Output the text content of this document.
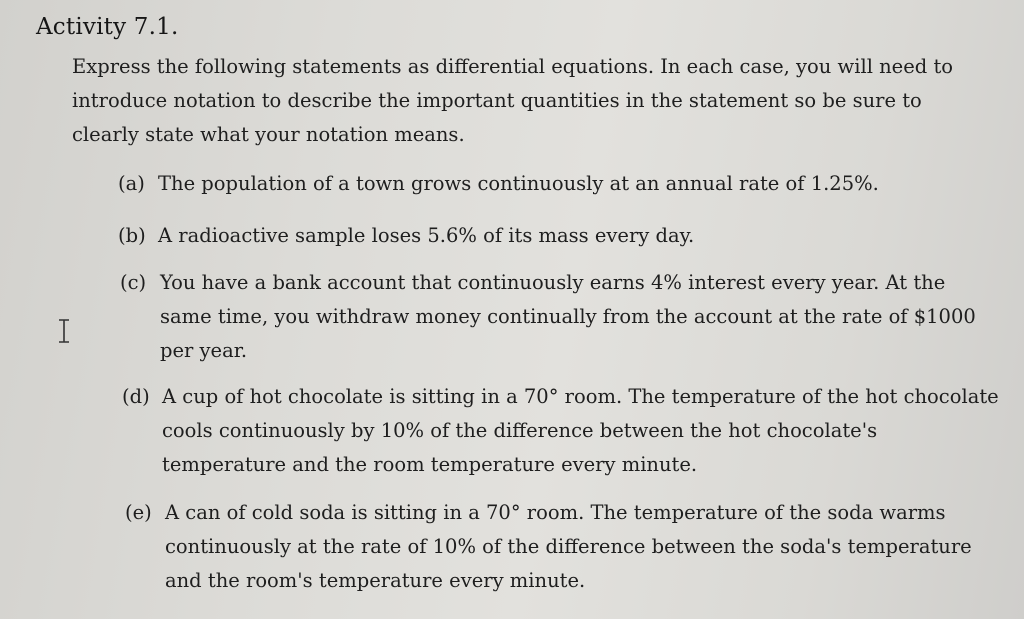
Activity 7.1.
Express the following statements as differential equations. In each case, you will need to introduce notation to describe the important quantities in the statement so be sure to clearly state what your notation means.
(a) The population of a town grows continuously at an annual rate of 1.25%.
(b) A radioactive sample loses 5.6% of its mass every day.
(c) You have a bank account that continuously earns 4% interest every year. At the same time, you withdraw money continually from the account at the rate of $1000 per year.
(d) A cup of hot chocolate is sitting in a 70° room. The temperature of the hot chocolate cools continuously by 10% of the difference between the hot chocolate's temperature and the room temperature every minute.
(e) A can of cold soda is sitting in a 70° room. The temperature of the soda warms continuously at the rate of 10% of the difference between the soda's temperature and the room's temperature every minute.
